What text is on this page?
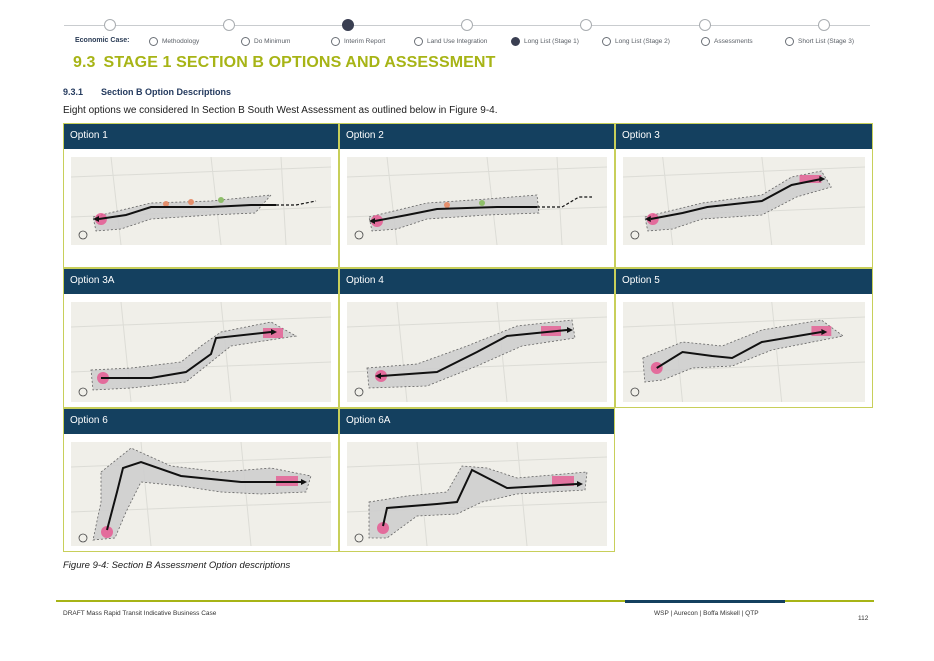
Economic Case:	Methodology	Do Minimum	Interim Report	Land Use Integration	Long List (Stage 1)	Long List (Stage 2)	Assessments	Short List (Stage 3)
9.3 STAGE 1 SECTION B OPTIONS AND ASSESSMENT
9.3.1 Section B Option Descriptions
Eight options we considered In Section B South West Assessment as outlined below in Figure 9-4.
Option 1	Option 2	Option 3
Option 3A	Option 4	Option 5
Option 6	Option 6A
Figure 9-4: Section B Assessment Option descriptions
DRAFT Mass Rapid Transit Indicative Business Case	WSP | Aurecon | Boffa Miskell | QTP
112
